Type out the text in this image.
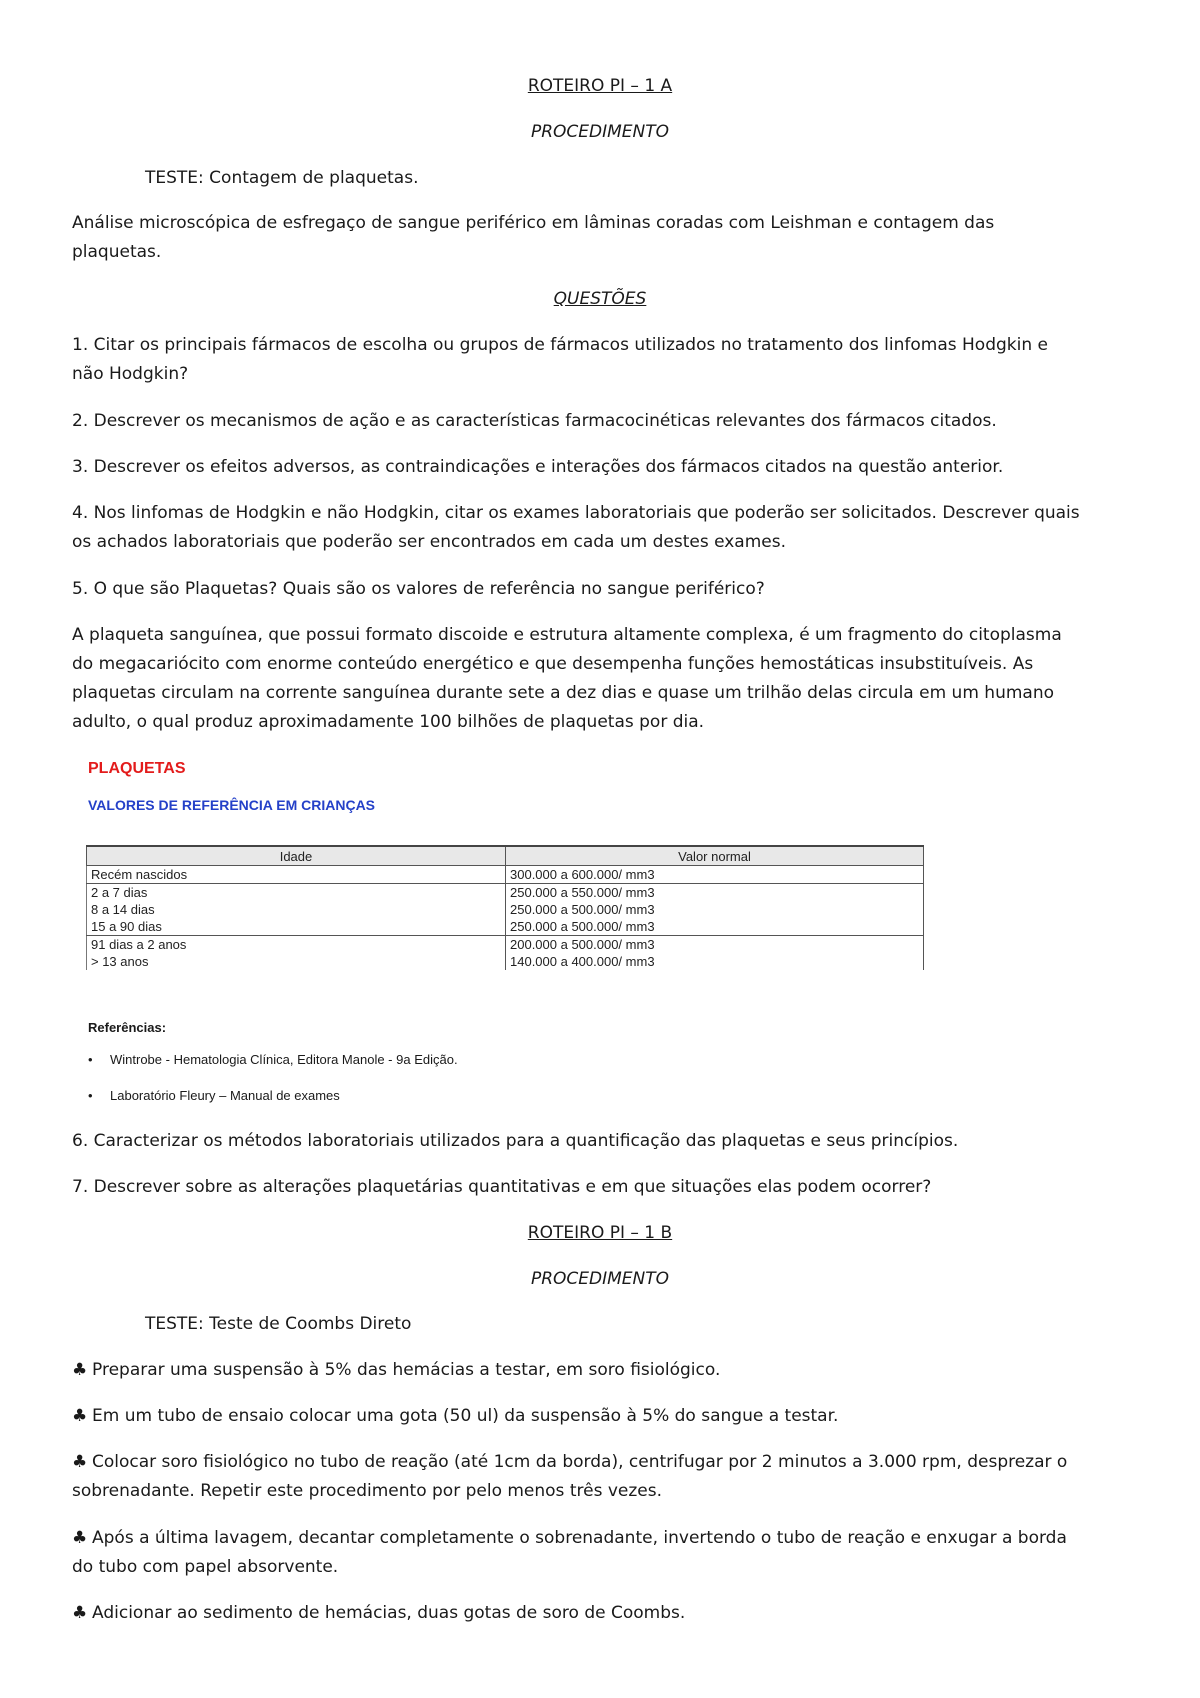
ROTEIRO PI – 1 A
PROCEDIMENTO
TESTE: Contagem de plaquetas.
Análise microscópica de esfregaço de sangue periférico em lâminas coradas com Leishman e contagem das
plaquetas.
QUESTÕES
1. Citar os principais fármacos de escolha ou grupos de fármacos utilizados no tratamento dos linfomas Hodgkin e
não Hodgkin?
2. Descrever os mecanismos de ação e as características farmacocinéticas relevantes dos fármacos citados.
3. Descrever os efeitos adversos, as contraindicações e interações dos fármacos citados na questão anterior.
4. Nos linfomas de Hodgkin e não Hodgkin, citar os exames laboratoriais que poderão ser solicitados. Descrever quais
os achados laboratoriais que poderão ser encontrados em cada um destes exames.
5. O que são Plaquetas? Quais são os valores de referência no sangue periférico?
A plaqueta sanguínea, que possui formato discoide e estrutura altamente complexa, é um fragmento do citoplasma
do megacariócito com enorme conteúdo energético e que desempenha funções hemostáticas insubstituíveis. As
plaquetas circulam na corrente sanguínea durante sete a dez dias e quase um trilhão delas circula em um humano
adulto, o qual produz aproximadamente 100 bilhões de plaquetas por dia.
PLAQUETAS
VALORES DE REFERÊNCIA EM CRIANÇAS
Idade	Valor normal
Recém nascidos	300.000 a 600.000/ mm3
2 a 7 dias	250.000 a 550.000/ mm3
8 a 14 dias	250.000 a 500.000/ mm3
15 a 90 dias	250.000 a 500.000/ mm3
91 dias a 2 anos	200.000 a 500.000/ mm3
> 13 anos	140.000 a 400.000/ mm3
Referências:
• Wintrobe - Hematologia Clínica, Editora Manole - 9a Edição.
• Laboratório Fleury – Manual de exames
6. Caracterizar os métodos laboratoriais utilizados para a quantificação das plaquetas e seus princípios.
7. Descrever sobre as alterações plaquetárias quantitativas e em que situações elas podem ocorrer?
ROTEIRO PI – 1 B
PROCEDIMENTO
TESTE: Teste de Coombs Direto
♣ Preparar uma suspensão à 5% das hemácias a testar, em soro fisiológico.
♣ Em um tubo de ensaio colocar uma gota (50 ul) da suspensão à 5% do sangue a testar.
♣ Colocar soro fisiológico no tubo de reação (até 1cm da borda), centrifugar por 2 minutos a 3.000 rpm, desprezar o
sobrenadante. Repetir este procedimento por pelo menos três vezes.
♣ Após a última lavagem, decantar completamente o sobrenadante, invertendo o tubo de reação e enxugar a borda
do tubo com papel absorvente.
♣ Adicionar ao sedimento de hemácias, duas gotas de soro de Coombs.
